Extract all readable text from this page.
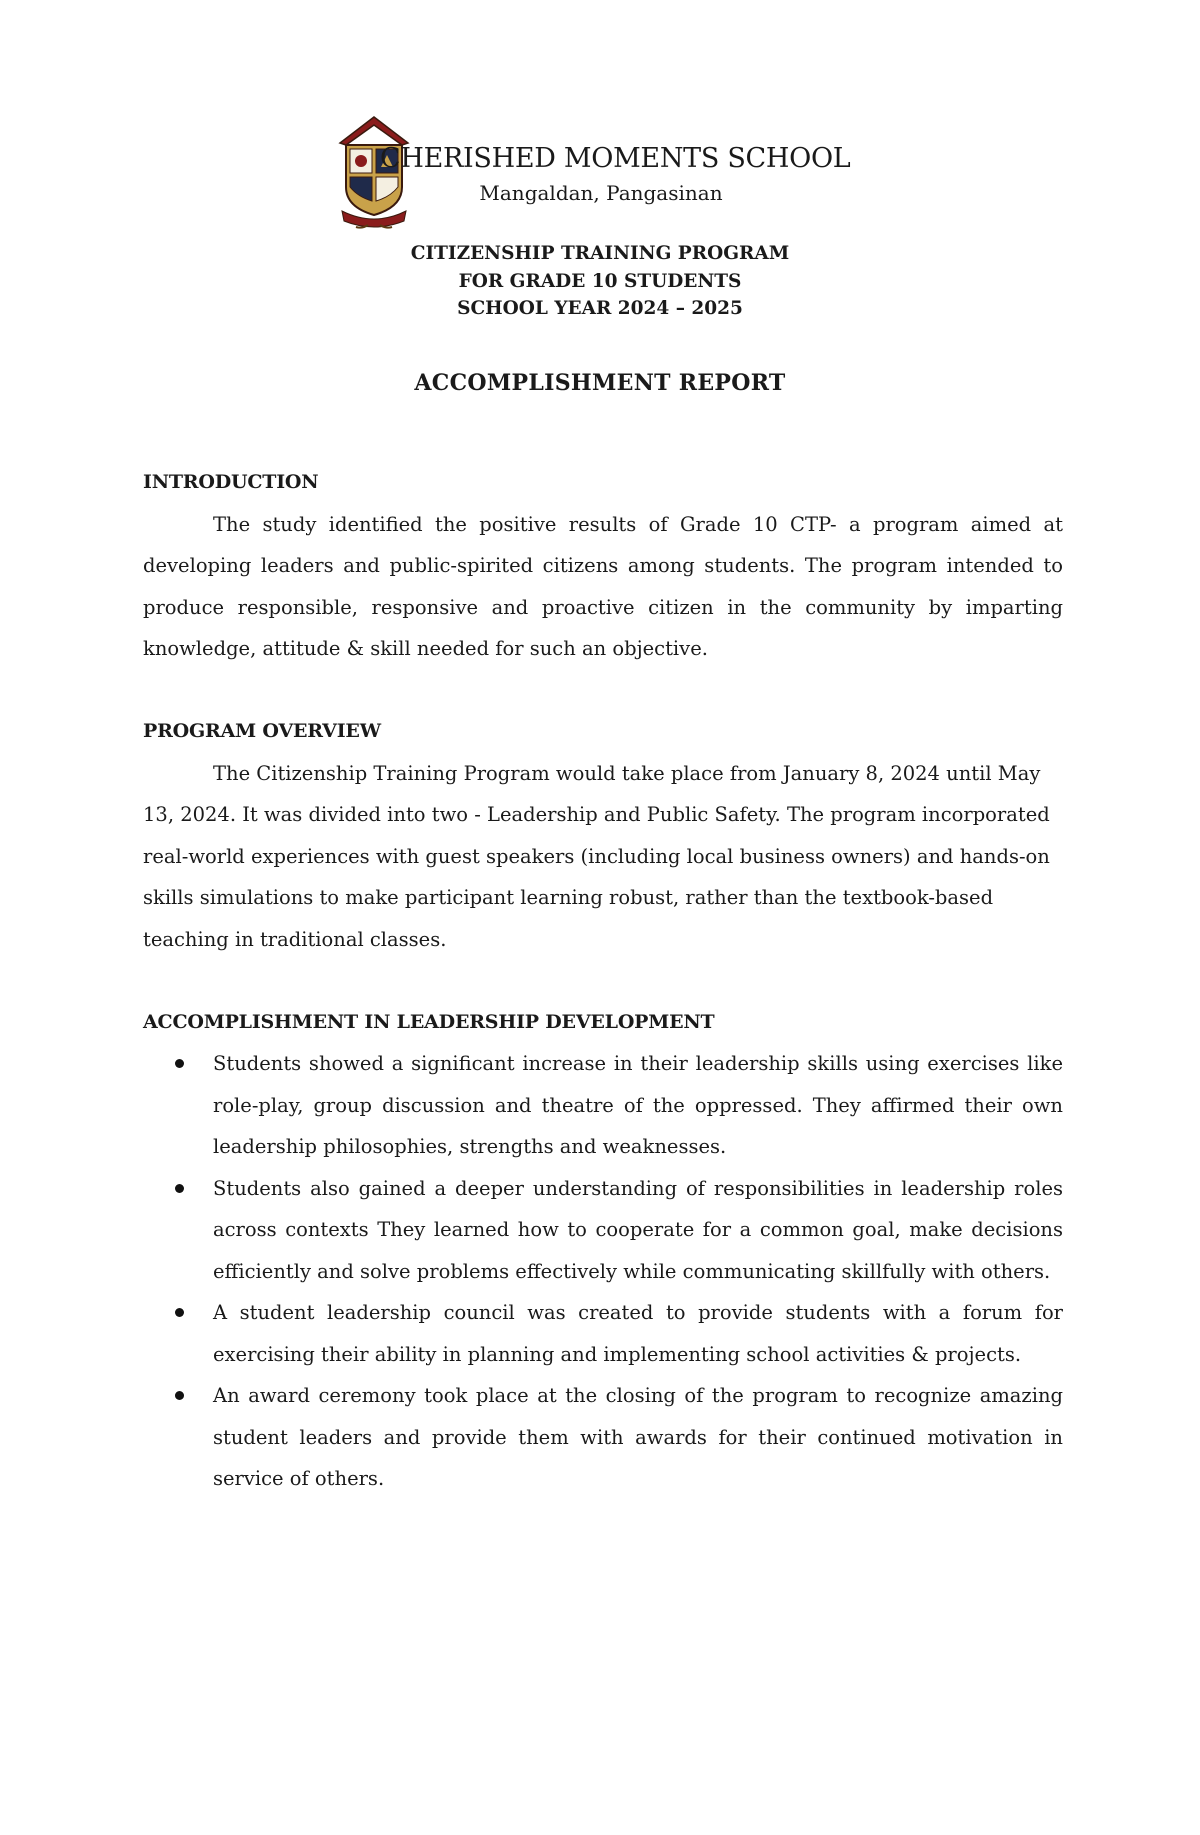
CHERISHED MOMENTS SCHOOL
Mangaldan, Pangasinan
CITIZENSHIP TRAINING PROGRAM
FOR GRADE 10 STUDENTS
SCHOOL YEAR 2024 – 2025
ACCOMPLISHMENT REPORT
INTRODUCTION

The study identified the positive results of Grade 10 CTP- a program aimed at developing leaders and public-spirited citizens among students. The program intended to produce responsible, responsive and proactive citizen in the community by imparting knowledge, attitude & skill needed for such an objective.

PROGRAM OVERVIEW

The Citizenship Training Program would take place from January 8, 2024 until May 13, 2024. It was divided into two - Leadership and Public Safety. The program incorporated real-world experiences with guest speakers (including local business owners) and hands-on skills simulations to make participant learning robust, rather than the textbook-based teaching in traditional classes.

ACCOMPLISHMENT IN LEADERSHIP DEVELOPMENT
Students showed a significant increase in their leadership skills using exercises like role-play, group discussion and theatre of the oppressed. They affirmed their own leadership philosophies, strengths and weaknesses.
Students also gained a deeper understanding of responsibilities in leadership roles across contexts They learned how to cooperate for a common goal, make decisions efficiently and solve problems effectively while communicating skillfully with others.
A student leadership council was created to provide students with a forum for exercising their ability in planning and implementing school activities & projects.
An award ceremony took place at the closing of the program to recognize amazing student leaders and provide them with awards for their continued motivation in service of others.
